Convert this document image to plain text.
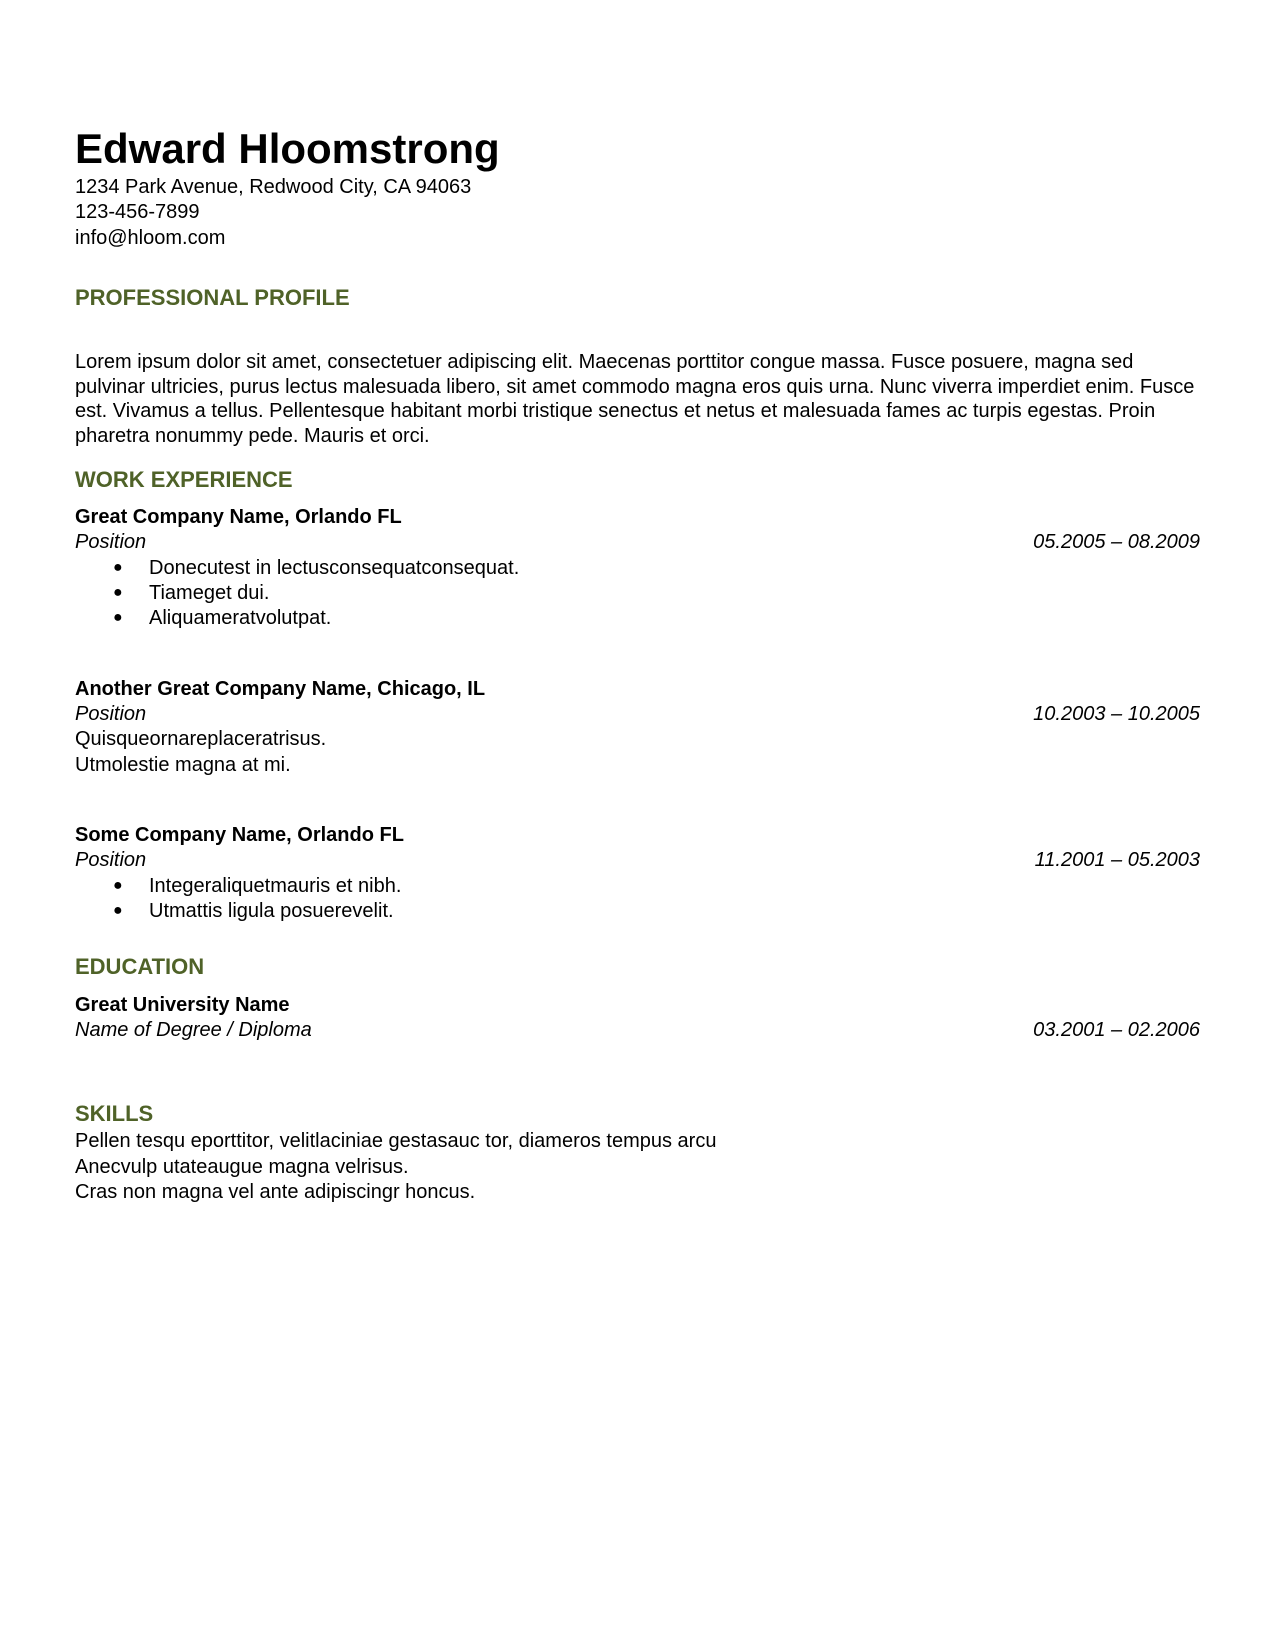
Edward Hloomstrong
1234 Park Avenue, Redwood City, CA 94063
123-456-7899
info@hloom.com
PROFESSIONAL PROFILE
Lorem ipsum dolor sit amet, consectetuer adipiscing elit. Maecenas porttitor congue massa. Fusce posuere, magna sed pulvinar ultricies, purus lectus malesuada libero, sit amet commodo magna eros quis urna. Nunc viverra imperdiet enim. Fusce est. Vivamus a tellus. Pellentesque habitant morbi tristique senectus et netus et malesuada fames ac turpis egestas. Proin pharetra nonummy pede. Mauris et orci.
WORK EXPERIENCE
Great Company Name, Orlando FL
Position	05.2005 – 08.2009
● Donecutest in lectusconsequatconsequat.
● Tiameget dui.
● Aliquameratvolutpat.
Another Great Company Name, Chicago, IL
Position	10.2003 – 10.2005
Quisqueornareplaceratrisus.
Utmolestie magna at mi.
Some Company Name, Orlando FL
Position	11.2001 – 05.2003
● Integeraliquetmauris et nibh.
● Utmattis ligula posuerevelit.
EDUCATION
Great University Name
Name of Degree / Diploma	03.2001 – 02.2006
SKILLS
Pellen tesqu eporttitor, velitlaciniae gestasauc tor, diameros tempus arcu
Anecvulp utateaugue magna velrisus.
Cras non magna vel ante adipiscingr honcus.
